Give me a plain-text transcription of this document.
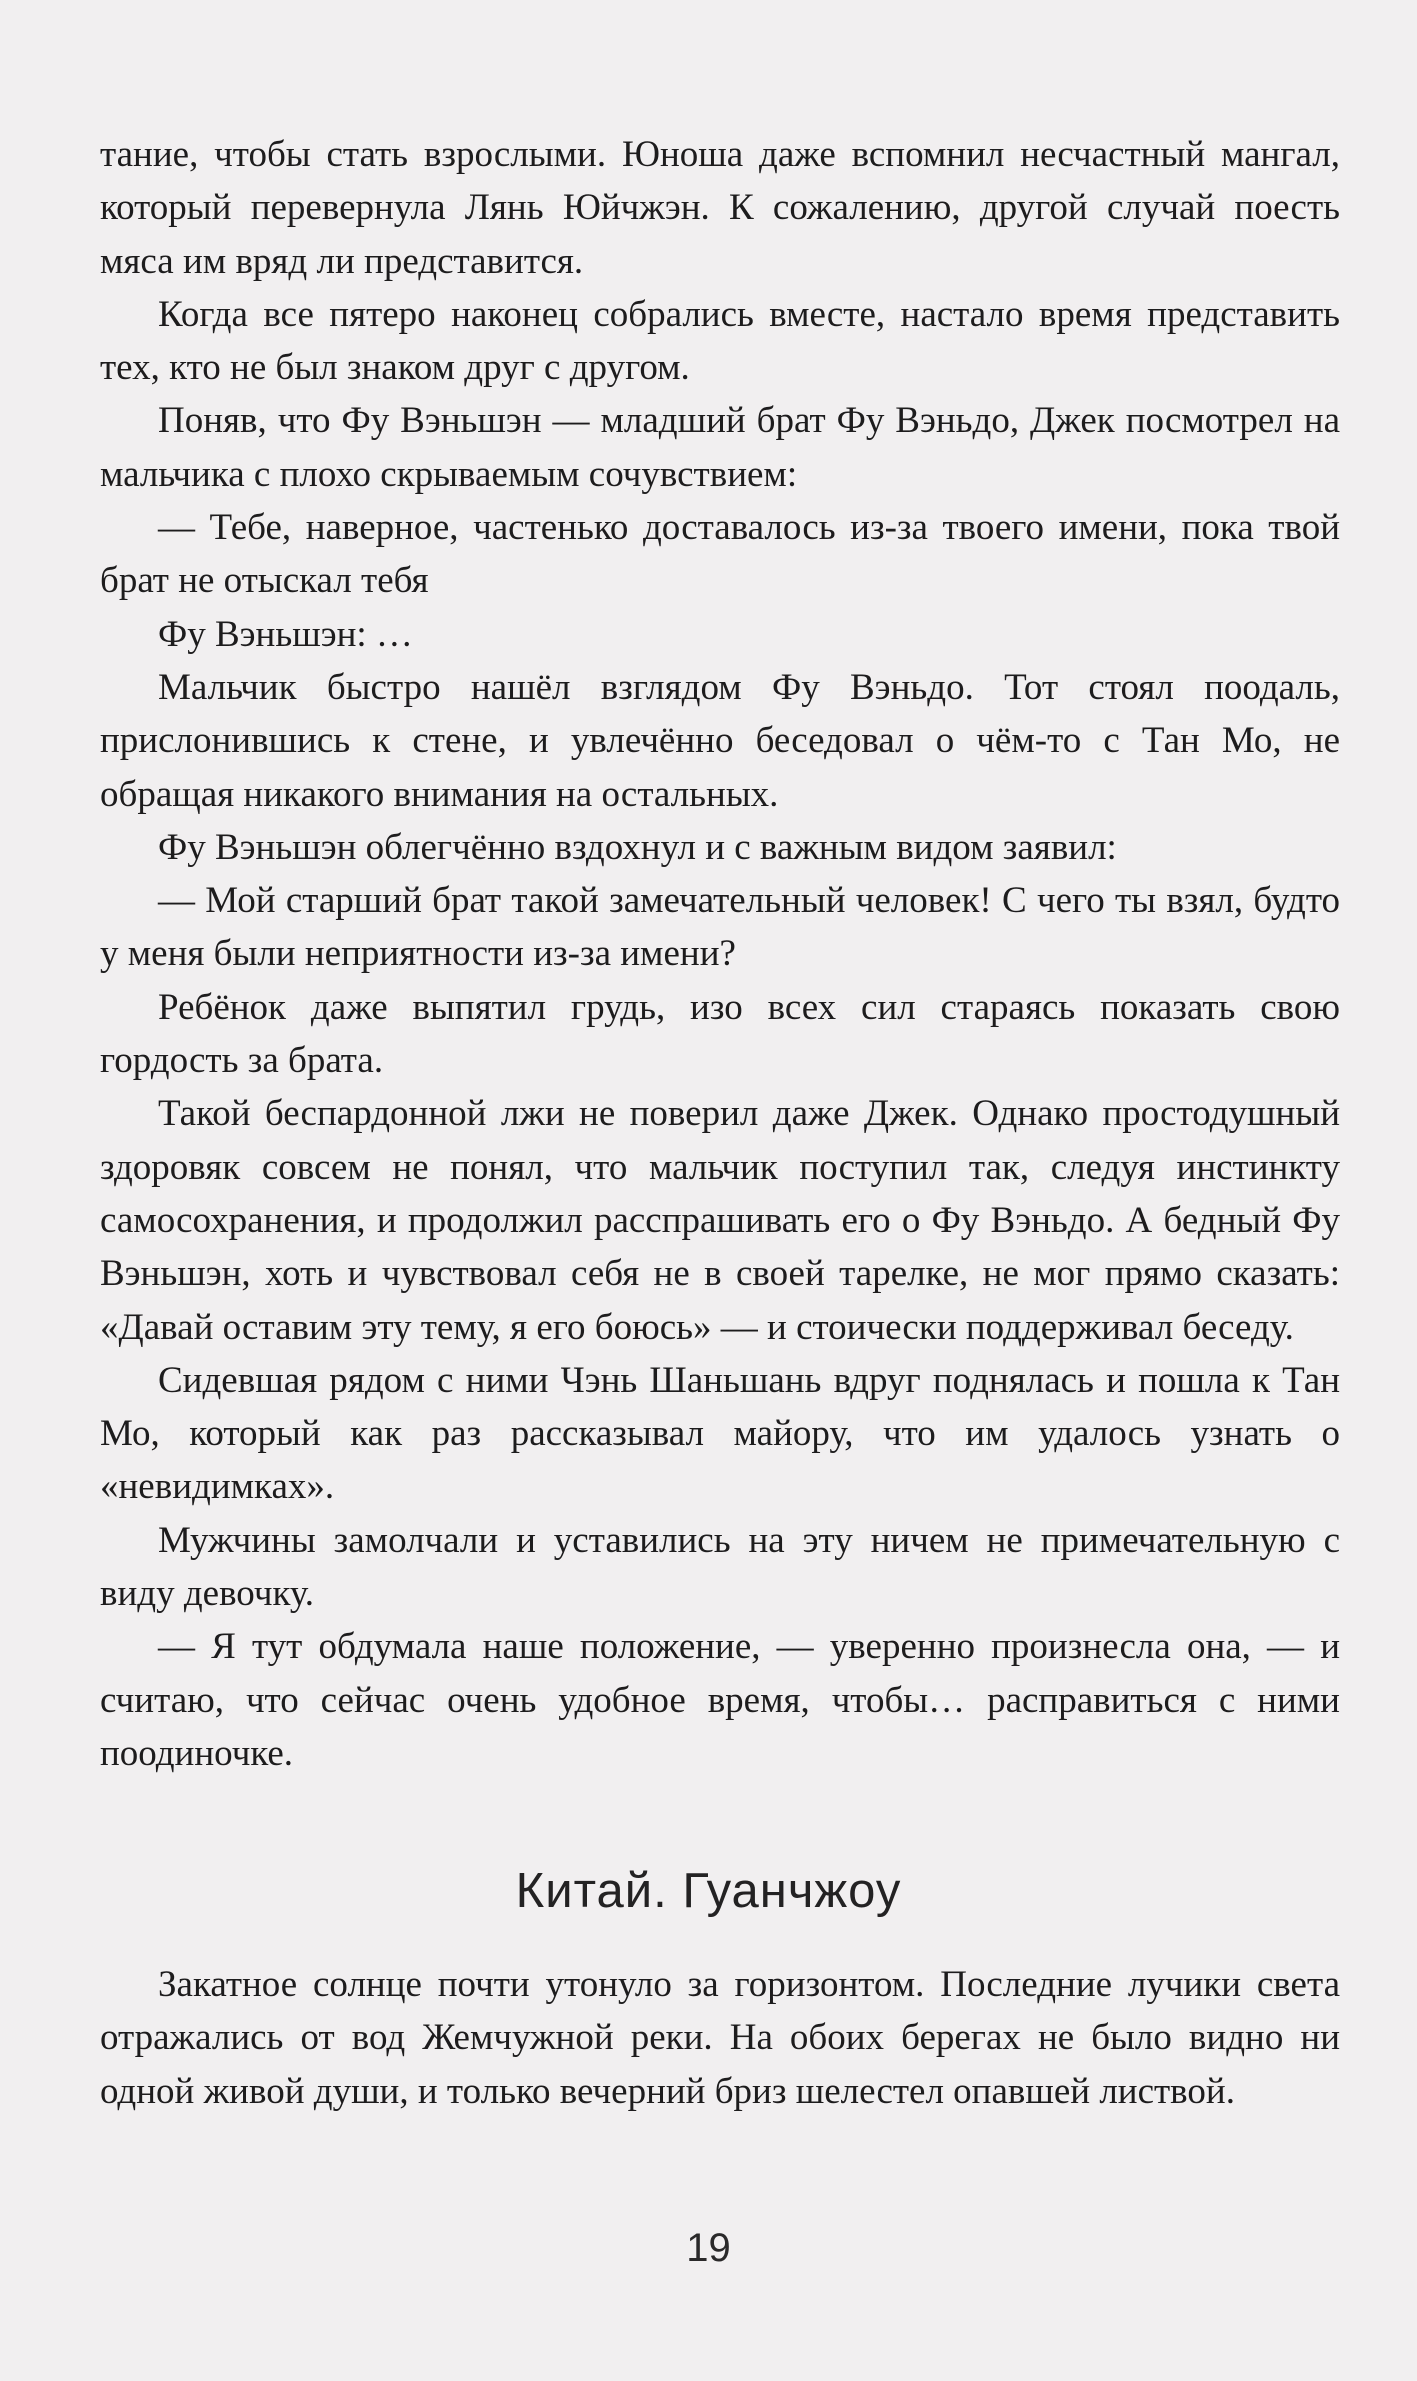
тание, чтобы стать взрослыми. Юноша даже вспомнил несчастный мангал, который перевернула Лянь Юйчжэн. К сожалению, другой случай поесть мяса им вряд ли представится.

Когда все пятеро наконец собрались вместе, настало время представить тех, кто не был знаком друг с другом.

Поняв, что Фу Вэньшэн — младший брат Фу Вэньдо, Джек посмотрел на мальчика с плохо скрываемым сочувствием:

— Тебе, наверное, частенько доставалось из-за твоего имени, пока твой брат не отыскал тебя

Фу Вэньшэн: …

Мальчик быстро нашёл взглядом Фу Вэньдо. Тот стоял поодаль, прислонившись к стене, и увлечённо беседовал о чём-то с Тан Мо, не обращая никакого внимания на остальных.

Фу Вэньшэн облегчённо вздохнул и с важным видом заявил:

— Мой старший брат такой замечательный человек! С чего ты взял, будто у меня были неприятности из-за имени?

Ребёнок даже выпятил грудь, изо всех сил стараясь показать свою гордость за брата.

Такой беспардонной лжи не поверил даже Джек. Однако простодушный здоровяк совсем не понял, что мальчик поступил так, следуя инстинкту самосохранения, и продолжил расспрашивать его о Фу Вэньдо. А бедный Фу Вэньшэн, хоть и чувствовал себя не в своей тарелке, не мог прямо сказать: «Давай оставим эту тему, я его боюсь» — и стоически поддерживал беседу.

Сидевшая рядом с ними Чэнь Шаньшань вдруг поднялась и пошла к Тан Мо, который как раз рассказывал майору, что им удалось узнать о «невидимках».

Мужчины замолчали и уставились на эту ничем не примечательную с виду девочку.

— Я тут обдумала наше положение, — уверенно произнесла она, — и считаю, что сейчас очень удобное время, чтобы… расправиться с ними поодиночке.

Китай. Гуанчжоу

Закатное солнце почти утонуло за горизонтом. Последние лучики света отражались от вод Жемчужной реки. На обоих берегах не было видно ни одной живой души, и только вечерний бриз шелестел опавшей листвой.

19
